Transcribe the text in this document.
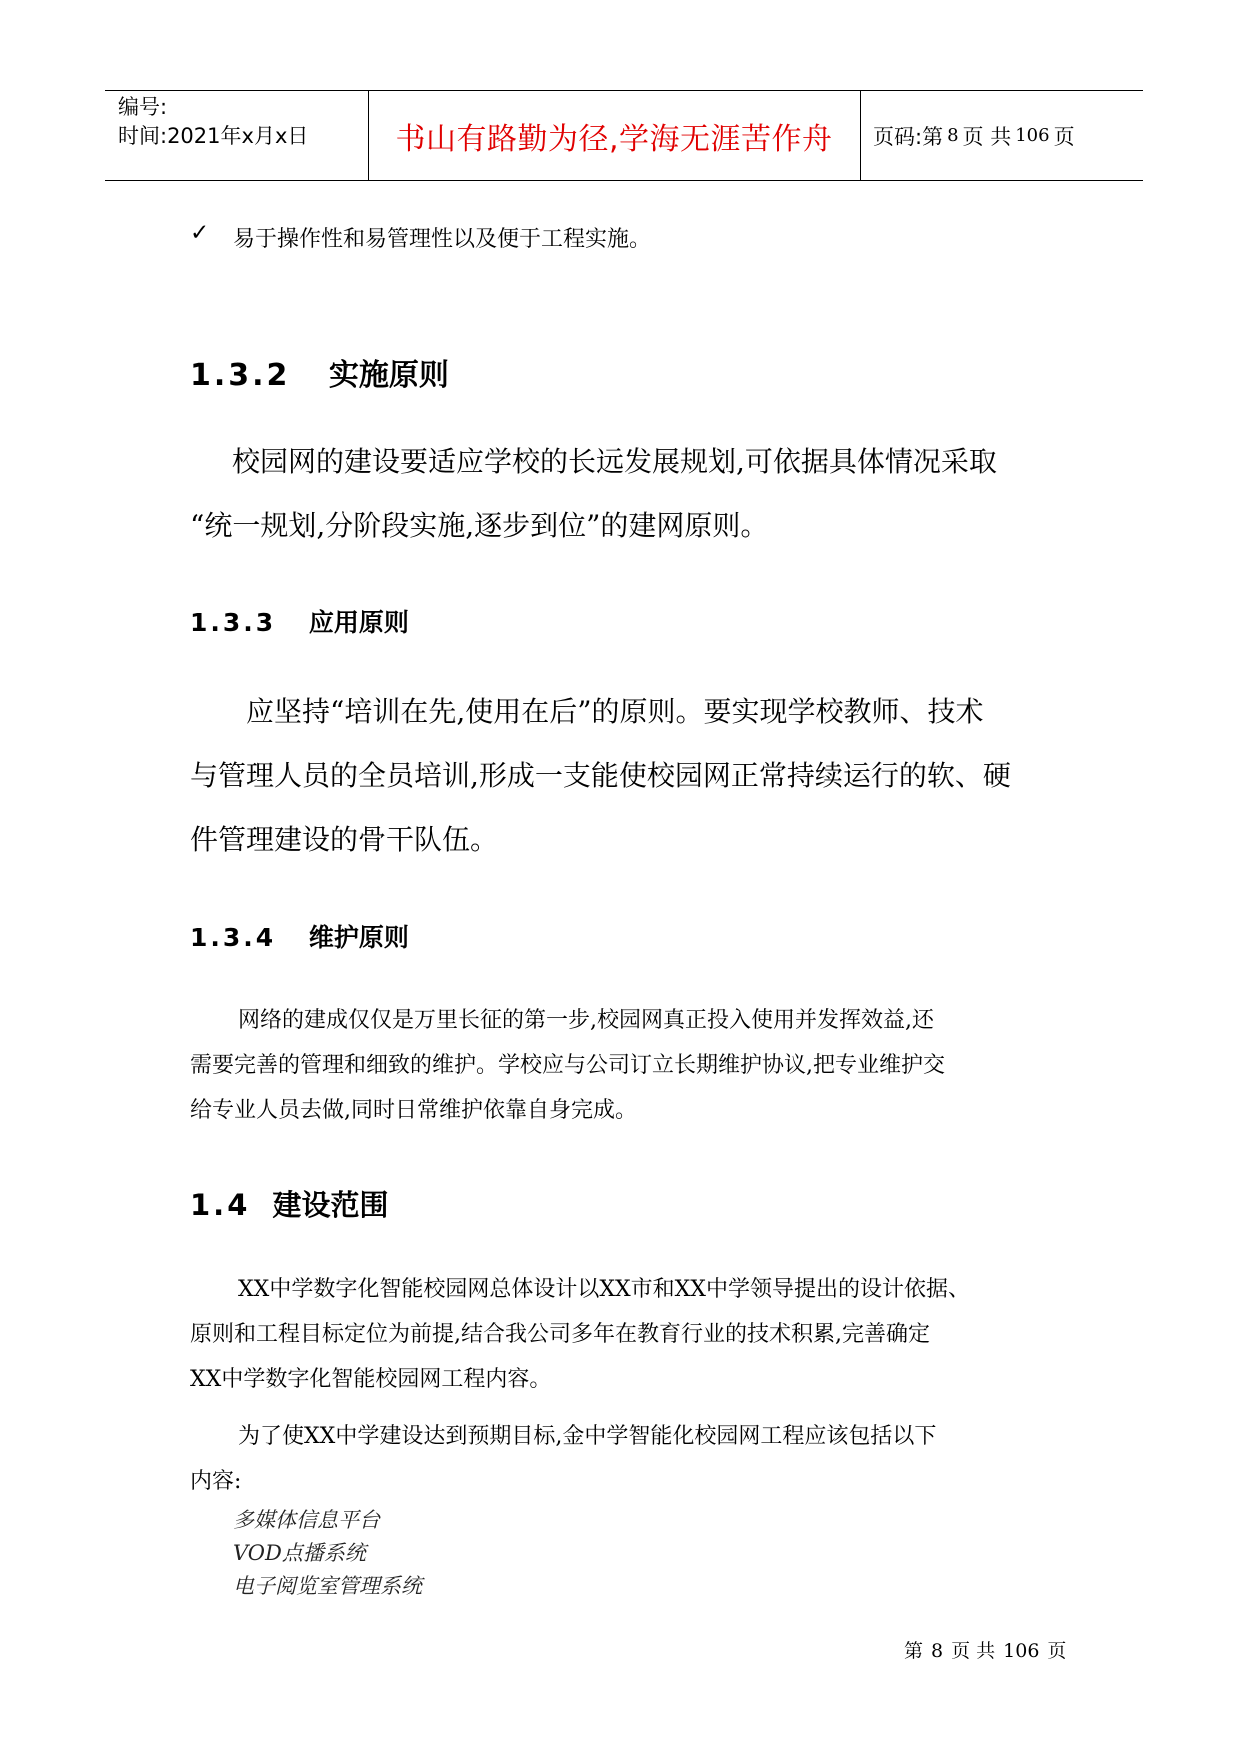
编号:
时间:2021年x月x日	书山有路勤为径,学海无涯苦作舟	页码:第 8 页 共 106 页
✓ 易于操作性和易管理性以及便于工程实施。
1.3.2 实施原则
校园网的建设要适应学校的长远发展规划,可依据具体情况采取
“统一规划,分阶段实施,逐步到位”的建网原则。
1.3.3 应用原则
应坚持“培训在先,使用在后”的原则。要实现学校教师、技术
与管理人员的全员培训,形成一支能使校园网正常持续运行的软、硬
件管理建设的骨干队伍。
1.3.4 维护原则
网络的建成仅仅是万里长征的第一步,校园网真正投入使用并发挥效益,还
需要完善的管理和细致的维护。学校应与公司订立长期维护协议,把专业维护交
给专业人员去做,同时日常维护依靠自身完成。
1.4 建设范围
XX中学数字化智能校园网总体设计以XX市和XX中学领导提出的设计依据、
原则和工程目标定位为前提,结合我公司多年在教育行业的技术积累,完善确定
XX中学数字化智能校园网工程内容。
为了使XX中学建设达到预期目标,金中学智能化校园网工程应该包括以下
内容:
多媒体信息平台
VOD点播系统
电子阅览室管理系统
第 8 页 共 106 页
